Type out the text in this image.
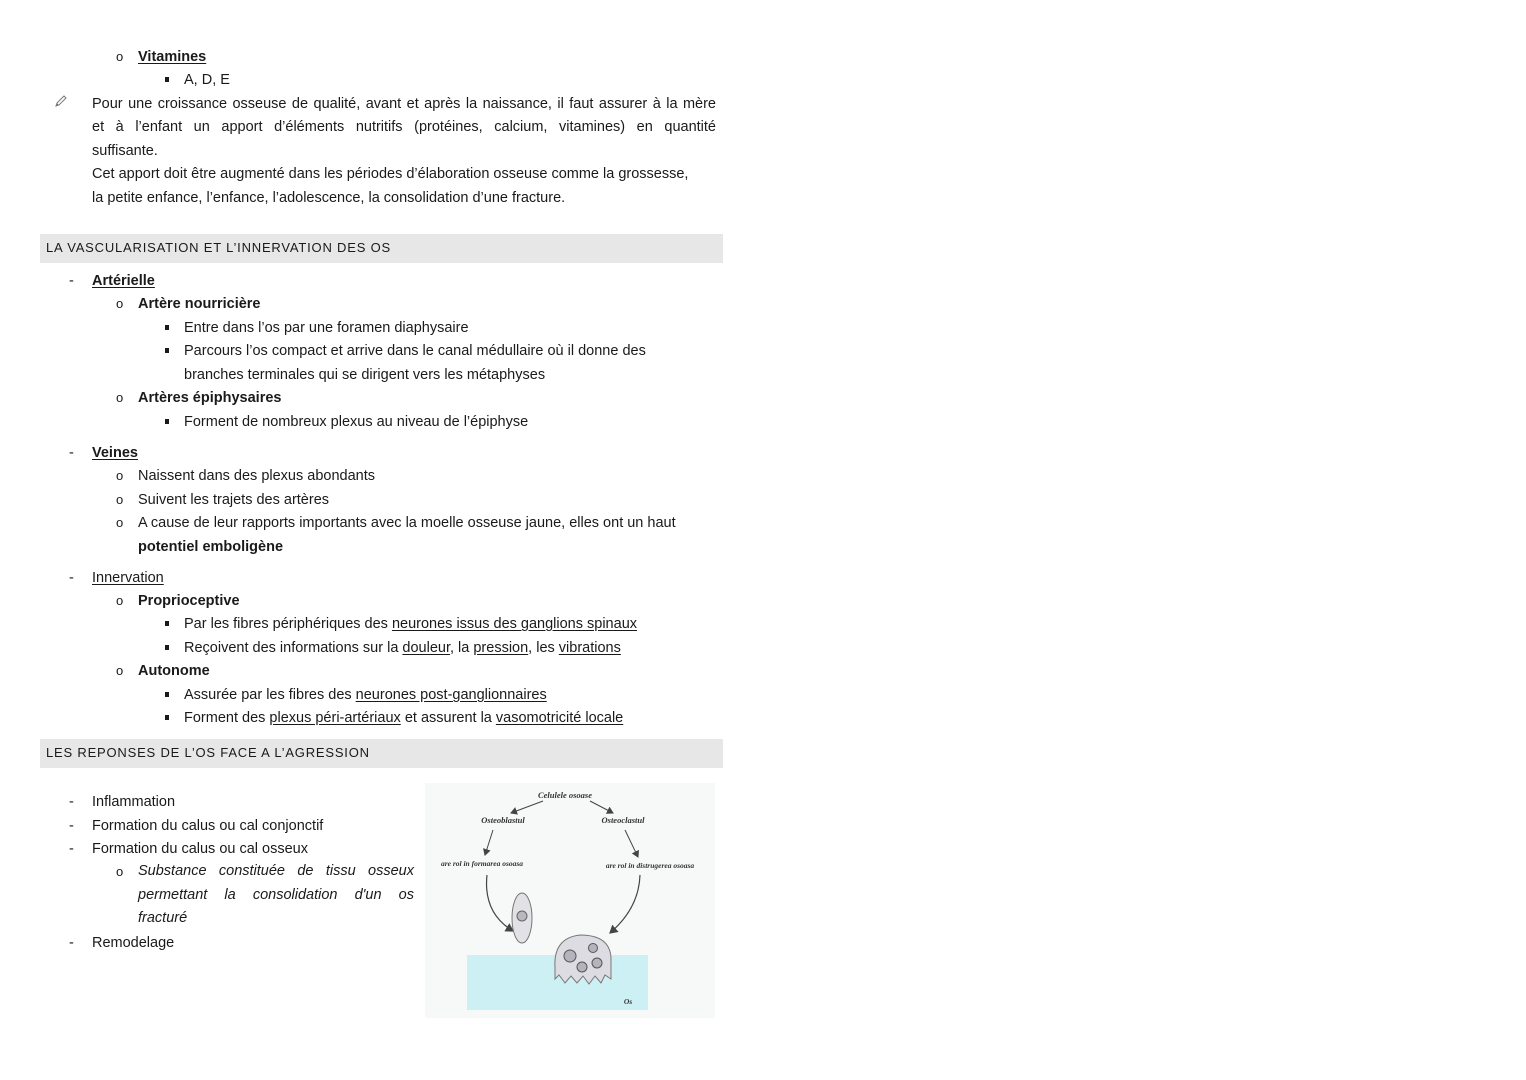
o Vitamines
A, D, E
Pour une croissance osseuse de qualité, avant et après la naissance, il faut assurer à la mère
et à l’enfant un apport d’éléments nutritifs (protéines, calcium, vitamines) en quantité
suffisante.
Cet apport doit être augmenté dans les périodes d’élaboration osseuse comme la grossesse,
la petite enfance, l’enfance, l’adolescence, la consolidation d’une fracture.
LA VASCULARISATION ET L’INNERVATION DES OS
- Artérielle
o Artère nourricière
Entre dans l’os par une foramen diaphysaire
Parcours l’os compact et arrive dans le canal médullaire où il donne des
branches terminales qui se dirigent vers les métaphyses
o Artères épiphysaires
Forment de nombreux plexus au niveau de l’épiphyse
- Veines
o Naissent dans des plexus abondants
o Suivent les trajets des artères
o A cause de leur rapports importants avec la moelle osseuse jaune, elles ont un haut
potentiel emboligène
- Innervation
o Proprioceptive
Par les fibres périphériques des neurones issus des ganglions spinaux
Reçoivent des informations sur la douleur, la pression, les vibrations
o Autonome
Assurée par les fibres des neurones post-ganglionnaires
Forment des plexus péri-artériaux et assurent la vasomotricité locale
LES REPONSES DE L’OS FACE A L’AGRESSION
- Inflammation
- Formation du calus ou cal conjonctif
- Formation du calus ou cal osseux
o Substance constituée de tissu osseux
permettant la consolidation d'un os
fracturé
- Remodelage
Celulele osoase
Osteoblastul	Osteoclastul
are rol in formarea osoasa	are rol in distrugerea osoasa
Os
